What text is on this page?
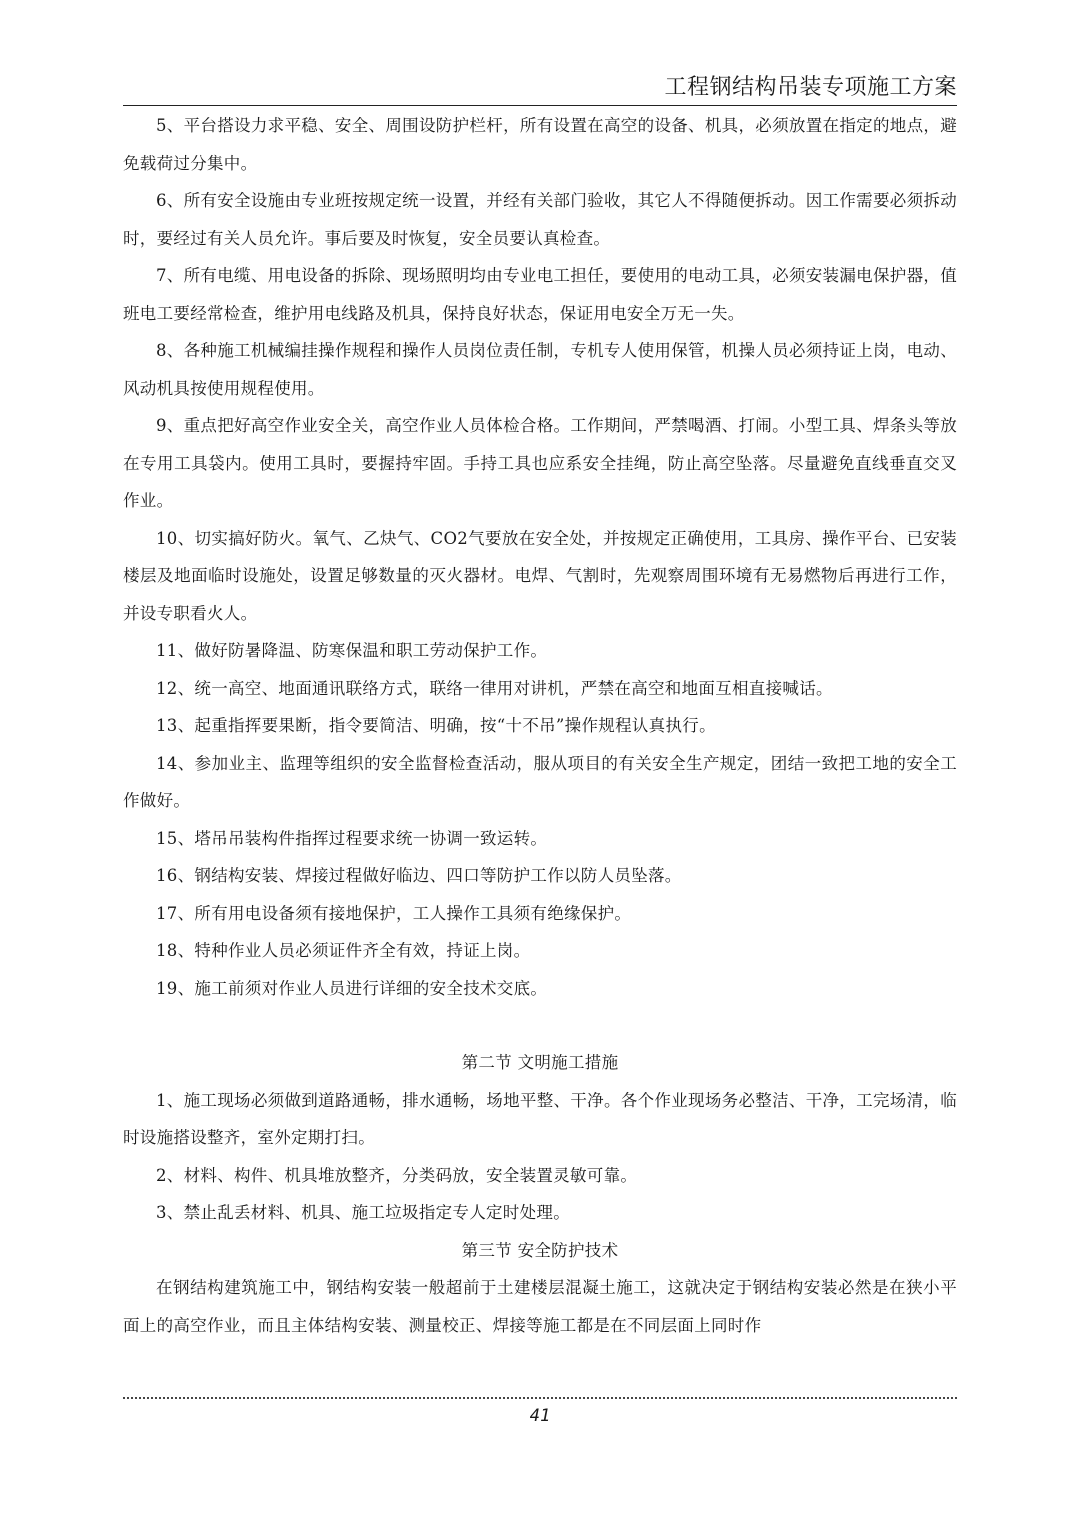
工程钢结构吊装专项施工方案

5、平台搭设力求平稳、安全、周围设防护栏杆，所有设置在高空的设备、机具，必须放置在指定的地点，避免载荷过分集中。

6、所有安全设施由专业班按规定统一设置，并经有关部门验收，其它人不得随便拆动。因工作需要必须拆动时，要经过有关人员允许。事后要及时恢复，安全员要认真检查。

7、所有电缆、用电设备的拆除、现场照明均由专业电工担任，要使用的电动工具，必须安装漏电保护器，值班电工要经常检查，维护用电线路及机具，保持良好状态，保证用电安全万无一失。

8、各种施工机械编挂操作规程和操作人员岗位责任制，专机专人使用保管，机操人员必须持证上岗，电动、风动机具按使用规程使用。

9、重点把好高空作业安全关，高空作业人员体检合格。工作期间，严禁喝酒、打闹。小型工具、焊条头等放在专用工具袋内。使用工具时，要握持牢固。手持工具也应系安全挂绳，防止高空坠落。尽量避免直线垂直交叉作业。

10、切实搞好防火。氧气、乙炔气、CO2气要放在安全处，并按规定正确使用，工具房、操作平台、已安装楼层及地面临时设施处，设置足够数量的灭火器材。电焊、气割时，先观察周围环境有无易燃物后再进行工作，并设专职看火人。

11、做好防暑降温、防寒保温和职工劳动保护工作。

12、统一高空、地面通讯联络方式，联络一律用对讲机，严禁在高空和地面互相直接喊话。

13、起重指挥要果断，指令要简洁、明确，按“十不吊”操作规程认真执行。

14、参加业主、监理等组织的安全监督检查活动，服从项目的有关安全生产规定，团结一致把工地的安全工作做好。

15、塔吊吊装构件指挥过程要求统一协调一致运转。

16、钢结构安装、焊接过程做好临边、四口等防护工作以防人员坠落。

17、所有用电设备须有接地保护，工人操作工具须有绝缘保护。

18、特种作业人员必须证件齐全有效，持证上岗。

19、施工前须对作业人员进行详细的安全技术交底。

第二节 文明施工措施

1、施工现场必须做到道路通畅，排水通畅，场地平整、干净。各个作业现场务必整洁、干净，工完场清，临时设施搭设整齐，室外定期打扫。

2、材料、构件、机具堆放整齐，分类码放，安全装置灵敏可靠。

3、禁止乱丢材料、机具、施工垃圾指定专人定时处理。

第三节 安全防护技术

在钢结构建筑施工中，钢结构安装一般超前于土建楼层混凝土施工，这就决定于钢结构安装必然是在狭小平面上的高空作业，而且主体结构安装、测量校正、焊接等施工都是在不同层面上同时作

41
